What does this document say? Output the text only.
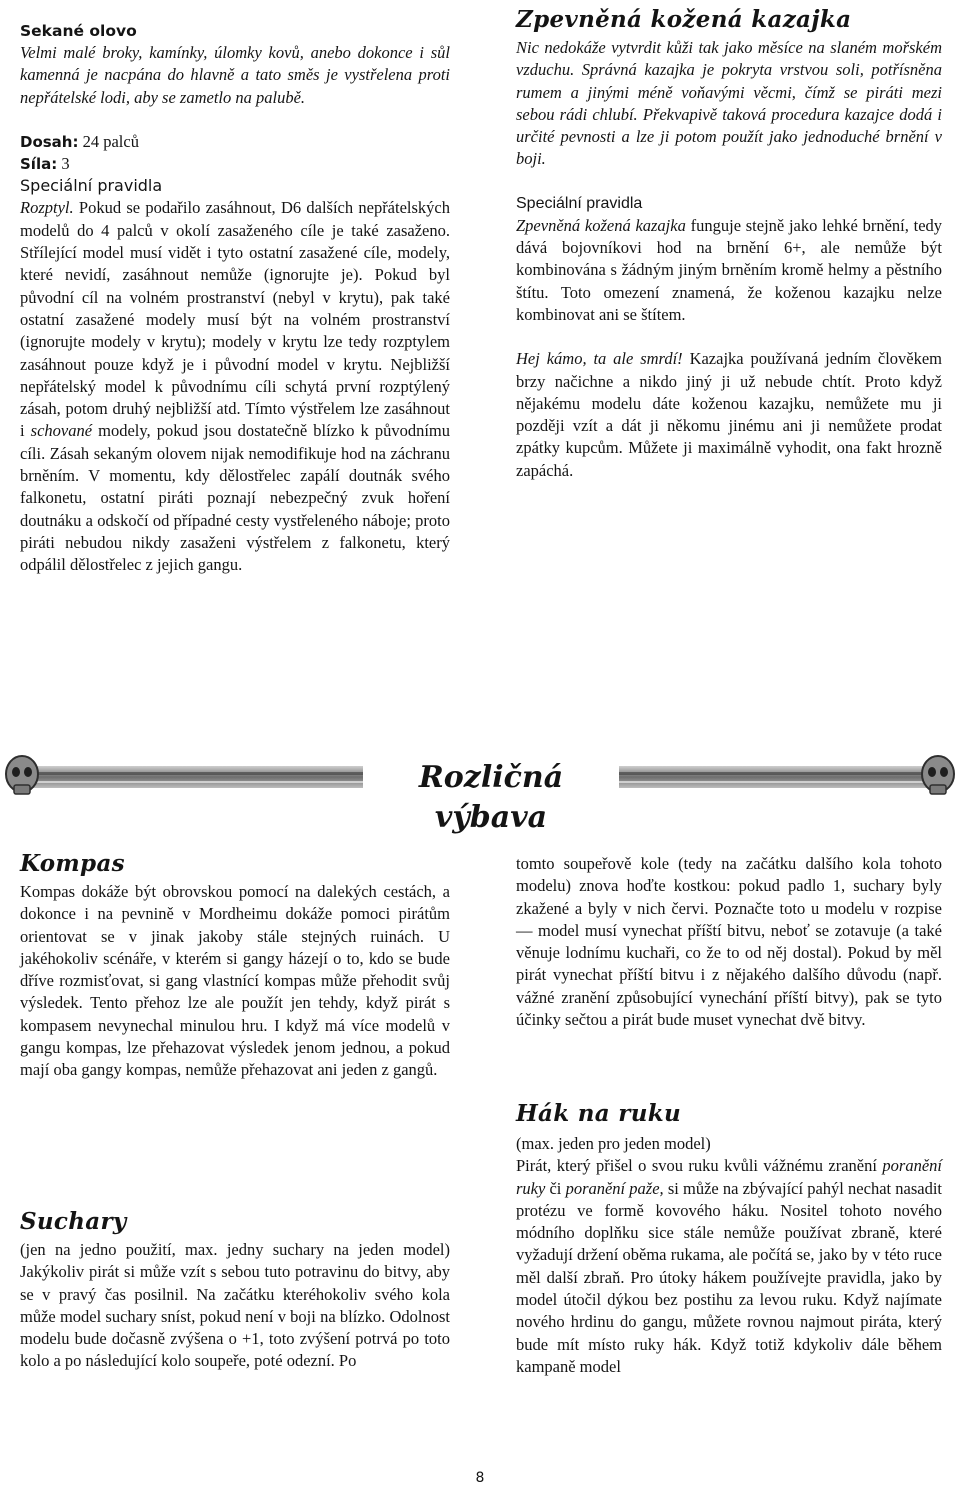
Sekané olovo

Velmi malé broky, kamínky, úlomky kovů, anebo dokonce i sůl kamenná je nacpána do hlavně a tato směs je vystřelena proti nepřátelské lodi, aby se zametlo na palubě.

Dosah: 24 palců

Síla: 3

Speciální pravidla

Rozptyl. Pokud se podařilo zasáhnout, D6 dalších nepřátelských modelů do 4 palců v okolí zasaženého cíle je také zasaženo. Střílející model musí vidět i tyto ostatní zasažené cíle, modely, které nevidí, zasáhnout nemůže (ignorujte je). Pokud byl původní cíl na volném prostranství (nebyl v krytu), pak také ostatní zasažené modely musí být na volném prostranství (ignorujte modely v krytu); modely v krytu lze tedy rozptylem zasáhnout pouze když je i původní model v krytu. Nejbližší nepřátelský model k původnímu cíli schytá první rozptýlený zásah, potom druhý nejbližší atd. Tímto výstřelem lze zasáhnout i schované modely, pokud jsou dostatečně blízko k původnímu cíli. Zásah sekaným olovem nijak nemodifikuje hod na záchranu brněním. V momentu, kdy dělostřelec zapálí doutnák svého falkonetu, ostatní piráti poznají nebezpečný zvuk hoření doutnáku a odskočí od případné cesty vystřeleného náboje; proto piráti nebudou nikdy zasaženi výstřelem z falkonetu, který odpálil dělostřelec z jejich gangu.

Zpevněná kožená kazajka

Nic nedokáže vytvrdit kůži tak jako měsíce na slaném mořském vzduchu. Správná kazajka je pokryta vrstvou soli, potřísněna rumem a jinými méně voňavými věcmi, čímž se piráti mezi sebou rádi chlubí. Překvapivě taková procedura kazajce dodá i určité pevnosti a lze ji potom použít jako jednoduché brnění v boji.

Speciální pravidla

Zpevněná kožená kazajka funguje stejně jako lehké brnění, tedy dává bojovníkovi hod na brnění 6+, ale nemůže být kombinována s žádným jiným brněním kromě helmy a pěstního štítu. Toto omezení znamená, že koženou kazajku nelze kombinovat ani se štítem.

Hej kámo, ta ale smrdí! Kazajka používaná jedním člověkem brzy načichne a nikdo jiný ji už nebude chtít. Proto když nějakému modelu dáte koženou kazajku, nemůžete mu ji později vzít a dát ji někomu jinému ani ji nemůžete prodat zpátky kupcům. Můžete ji maximálně vyhodit, ona fakt hrozně zapáchá.

Rozličná výbava

Kompas

Kompas dokáže být obrovskou pomocí na dalekých cestách, a dokonce i na pevnině v Mordheimu dokáže pomoci pirátům orientovat se v jinak jakoby stále stejných ruinách. U jakéhokoliv scénáře, v kterém si gangy házejí o to, kdo se bude dříve rozmisťovat, si gang vlastnící kompas může přehodit svůj výsledek. Tento přehoz lze ale použít jen tehdy, když pirát s kompasem nevynechal minulou hru. I když má více modelů v gangu kompas, lze přehazovat výsledek jenom jednou, a pokud mají oba gangy kompas, nemůže přehazovat ani jeden z gangů.

Suchary

(jen na jedno použití, max. jedny suchary na jeden model) Jakýkoliv pirát si může vzít s sebou tuto potravinu do bitvy, aby se v pravý čas posilnil. Na začátku kteréhokoliv svého kola může model suchary sníst, pokud není v boji na blízko. Odolnost modelu bude dočasně zvýšena o +1, toto zvýšení potrvá po toto kolo a po následující kolo soupeře, poté odezní. Po

tomto soupeřově kole (tedy na začátku dalšího kola tohoto modelu) znova hoďte kostkou: pokud padlo 1, suchary byly zkažené a byly v nich červi. Poznačte toto u modelu v rozpise — model musí vynechat příští bitvu, neboť se zotavuje (a také věnuje lodnímu kuchaři, co že to od něj dostal). Pokud by měl pirát vynechat příští bitvu i z nějakého dalšího důvodu (např. vážné zranění způsobující vynechání příští bitvy), pak se tyto účinky sečtou a pirát bude muset vynechat dvě bitvy.

Hák na ruku

(max. jeden pro jeden model)

Pirát, který přišel o svou ruku kvůli vážnému zranění poranění ruky či poranění paže, si může na zbývající pahýl nechat nasadit protézu ve formě kovového háku. Nositel tohoto nového módního doplňku sice stále nemůže používat zbraně, které vyžadují držení oběma rukama, ale počítá se, jako by v této ruce měl další zbraň. Pro útoky hákem používejte pravidla, jako by model útočil dýkou bez postihu za levou ruku. Když najímate nového hrdinu do gangu, můžete rovnou najmout piráta, který bude mít místo ruky hák. Když totiž kdykoliv dále během kampaně model

8
